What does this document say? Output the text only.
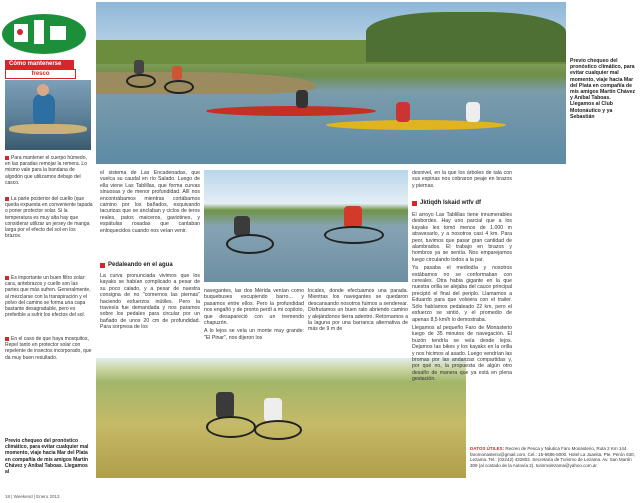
Cómo mantenerse
fresco
Para mantener el cuerpo húmedo, en las paradas remojar la remera. Lo mismo vale para la bandana de algodón que utilizamos debajo del casco.
La parte posterior del cuello (que queda expuesta en conveniente tapada o poner protector solar. Si la temperatura es muy alta hay que considerar utilizar un jersey de manga larga por el efecto del sol en los brazos.
Es importante un buen filtro solar: cara, antebrazos y cuello son las partes que más sufren. Generalmente, al mezclarse con la transpiración y el polvo del camino se forma una capa bastante desagradable, pero es preferible a sufrir los efectos del sol.
En el caso de que haya mosquitos, Repel tanto en protector solar con repelente de insectos incorporado, que da muy buen resultado.
Previo chequeo del pronóstico climático, para evitar cualquier mal momento, viaje hacia Mar del Plata en compañía de mis amigos Martín Chávez y Aníbal Taboas. Llegamos al
18 | Weekend | Enero 2013
Previo chequeo del pronóstico climático, para evitar cualquier mal momento, viaje hacia Mar del Plata en compañía de mis amigos Martín Chávez y Aníbal Taboas. Llegamos al Club Motonáutico y ya Sebastián

el sistema de Las Encadenadas, que vuelca su caudal en río Salado. Luego de ella viene Las Tablillas, que forma curvas sinuosas y de menor profundidad. Allí nos encontrábamos mientras cortábamos camino por los bañados, esquivando tacurizas que se anclaban y ciclos de teros reales, patos maiceros, gaviotines, y espátulas rosadas que cantaban enloquecidos cuando nos veían venir.

Pedaleando en el agua

La curva pronunciada vivimos que los kayaks se habían complicado a pesar de su poco calado, y a pesar de nuestra consigna de no "comernos las piernas" haciendo esfuerzos inútiles. Pero la travesía fue demandada y nos paramos sobre los pedales para circular por un bañado de unos 20 cm de profundidad. Para sorpresa de los

navegantes, las dos Mérida venían como buquebuses escupiendo barro... y pasamos entre ellos. Pero la profundidad nos engañó y de pronto perdí a mi copiloto, que desapareció con un tremendo chapuzón.

A lo lejos se veía un monte muy grande: "El Pinar", nos dijeron los

locales, donde efectuamos una parada. Mientras los navegantes se quedaron descansando nosotros fuimos a senderear. Disfrutamos un buen rato abriendo camino y alejándonos tierra adentro. Retornamos a la laguna por una barranca alternativa de más de 9 m de

desnivel, en la que los árboles de tala con sus espinas nos cobraron peaje en brazos y piernas.

Jktiqdh Iskaid wtfv df

El arroyo Las Tablillas tiene innumerables desbordes. Hay uno parcial que a los kayaks les tomó menos de 1.000 m atravesarlo, y a nosotros casi 4 km. Para peor, tuvimos que pasar gran cantidad de alambrados. El trabajo en brazos y hombros ya se sentía. Nos emparejamos luego circulando todos a la par.

Ya pasaba el mediodía y nosotros estábamos no se conformaban con cereales. Otra habia gigante en la que nuestra orilla se alejaba del cauce principal preciptó el final del periplo. Llamamos a Eduardo para que volviera con el trailer. Sólo habíamos pedaleado 22 km, pero el esfuerzo se sintió, y el promedio de apenas 8,5 km/h lo demostraba.

Llegamos al pequeño Faro de Monasterio luego de 35 minutos de navegación. El buzón tendría se veía desde lejos. Dejamos las bikes y los kayaks en la orilla y nos hicimos al asado. Luego vendrían las bromas por las andanzas compartidas y, por qué no, la propuesta de algún otro desafío de manera que ya está en plena gestación.

DATOS ÚTILES: Recreo de Pesca y Náutica Faro Monasterio, Ruta 2 Km 144. faromonasterio@gmail.com. Cel.: 15-6686-5000. Hotel La Juanita. Pte. Perón 630, Lezama. Tel.: (02242) 432802. Secretaría de Turismo de Lezama. Av. San Martín 309 (al costado de la Autovía 2). turismolezama@yahoo.com.ar
